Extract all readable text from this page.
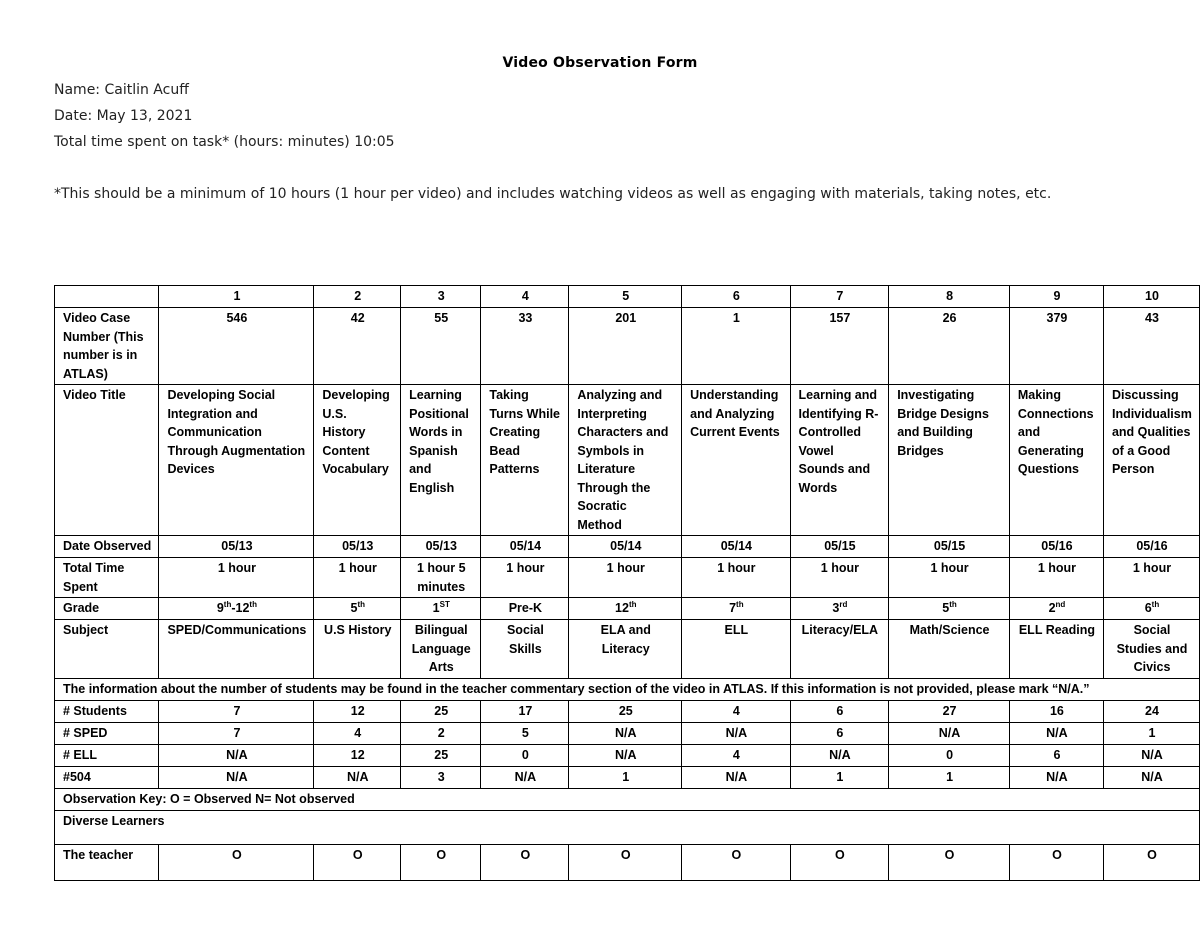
Video Observation Form
Name: Caitlin Acuff
Date: May 13, 2021
Total time spent on task* (hours: minutes) 10:05
*This should be a minimum of 10 hours (1 hour per video) and includes watching videos as well as engaging with materials, taking notes, etc.
	1	2	3	4	5	6	7	8	9	10
Video Case Number (This number is in ATLAS)	546	42	55	33	201	1	157	26	379	43
Video Title	Developing Social Integration and Communication Through Augmentation Devices	Developing U.S. History Content Vocabulary	Learning Positional Words in Spanish and English	Taking Turns While Creating Bead Patterns	Analyzing and Interpreting Characters and Symbols in Literature Through the Socratic Method	Understanding and Analyzing Current Events	Learning and Identifying R-Controlled Vowel Sounds and Words	Investigating Bridge Designs and Building Bridges	Making Connections and Generating Questions	Discussing Individualism and Qualities of a Good Person
Date Observed	05/13	05/13	05/13	05/14	05/14	05/14	05/15	05/15	05/16	05/16
Total Time Spent	1 hour	1 hour	1 hour 5 minutes	1 hour	1 hour	1 hour	1 hour	1 hour	1 hour	1 hour
Grade	9th-12th	5th	1ST	Pre-K	12th	7th	3rd	5th	2nd	6th
Subject	SPED/Communications	U.S History	Bilingual Language Arts	Social Skills	ELA and Literacy	ELL	Literacy/ELA	Math/Science	ELL Reading	Social Studies and Civics
The information about the number of students may be found in the teacher commentary section of the video in ATLAS. If this information is not provided, please mark “N/A.”										
# Students	7	12	25	17	25	4	6	27	16	24
# SPED	7	4	2	5	N/A	N/A	6	N/A	N/A	1
# ELL	N/A	12	25	0	N/A	4	N/A	0	6	N/A
#504	N/A	N/A	3	N/A	1	N/A	1	1	N/A	N/A
Observation Key: O = Observed N= Not observed										
Diverse Learners										
The teacher	O	O	O	O	O	O	O	O	O	O
